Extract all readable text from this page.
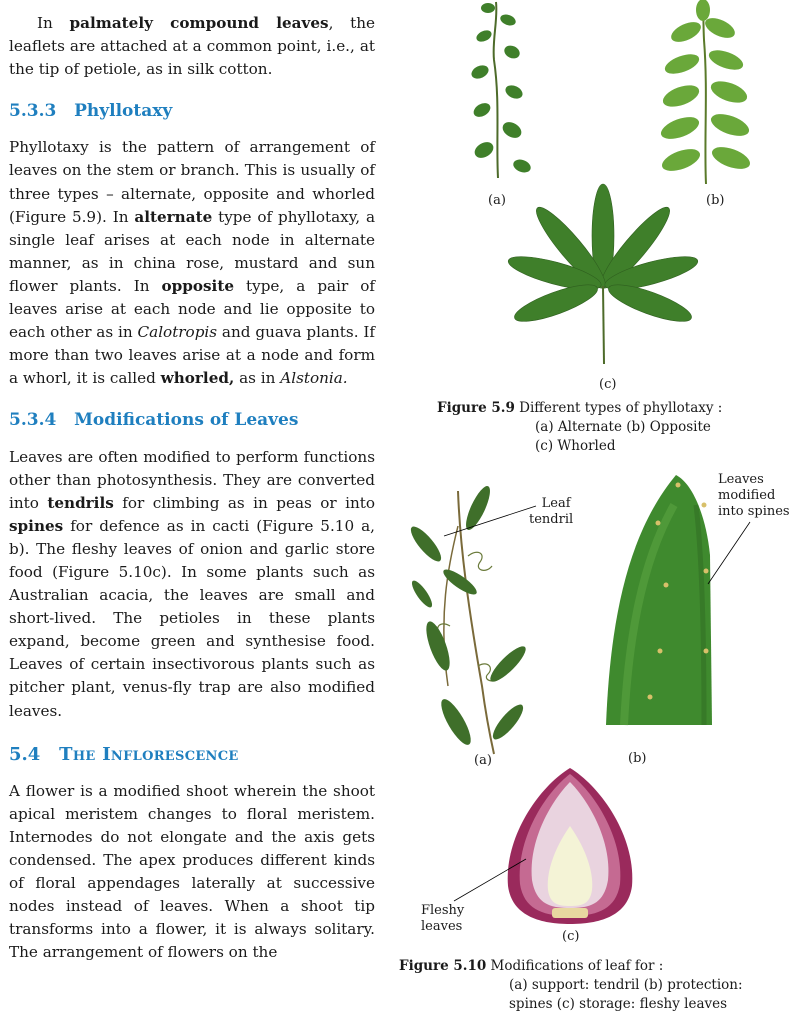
In palmately compound leaves, the leaflets are attached at a common point, i.e., at the tip of petiole, as in silk cotton.

5.3.3 Phyllotaxy

Phyllotaxy is the pattern of arrangement of leaves on the stem or branch. This is usually of three types – alternate, opposite and whorled (Figure 5.9). In alternate type of phyllotaxy, a single leaf arises at each node in alternate manner, as in china rose, mustard and sun flower plants. In opposite type, a pair of leaves arise at each node and lie opposite to each other as in Calotropis and guava plants. If more than two leaves arise at a node and form a whorl, it is called whorled, as in Alstonia.

5.3.4 Modifications of Leaves

Leaves are often modified to perform functions other than photosynthesis. They are converted into tendrils for climbing as in peas or into spines for defence as in cacti (Figure 5.10 a, b). The fleshy leaves of onion and garlic store food (Figure 5.10c). In some plants such as Australian acacia, the leaves are small and short-lived. The petioles in these plants expand, become green and synthesise food. Leaves of certain insectivorous plants such as pitcher plant, venus-fly trap are also modified leaves.

5.4 The Inflorescence

A flower is a modified shoot wherein the shoot apical meristem changes to floral meristem. Internodes do not elongate and the axis gets condensed. The apex produces different kinds of floral appendages laterally at successive nodes instead of leaves. When a shoot tip transforms into a flower, it is always solitary. The arrangement of flowers on the

(a)	(b)
(c)
Figure 5.9 Different types of phyllotaxy :
(a) Alternate (b) Opposite
(c) Whorled
Leaf
tendril
(a)
Leaves
modified
into spines
(b)
Fleshy
leaves
(c)
Figure 5.10 Modifications of leaf for :
(a) support: tendril (b) protection:
spines (c) storage: fleshy leaves
